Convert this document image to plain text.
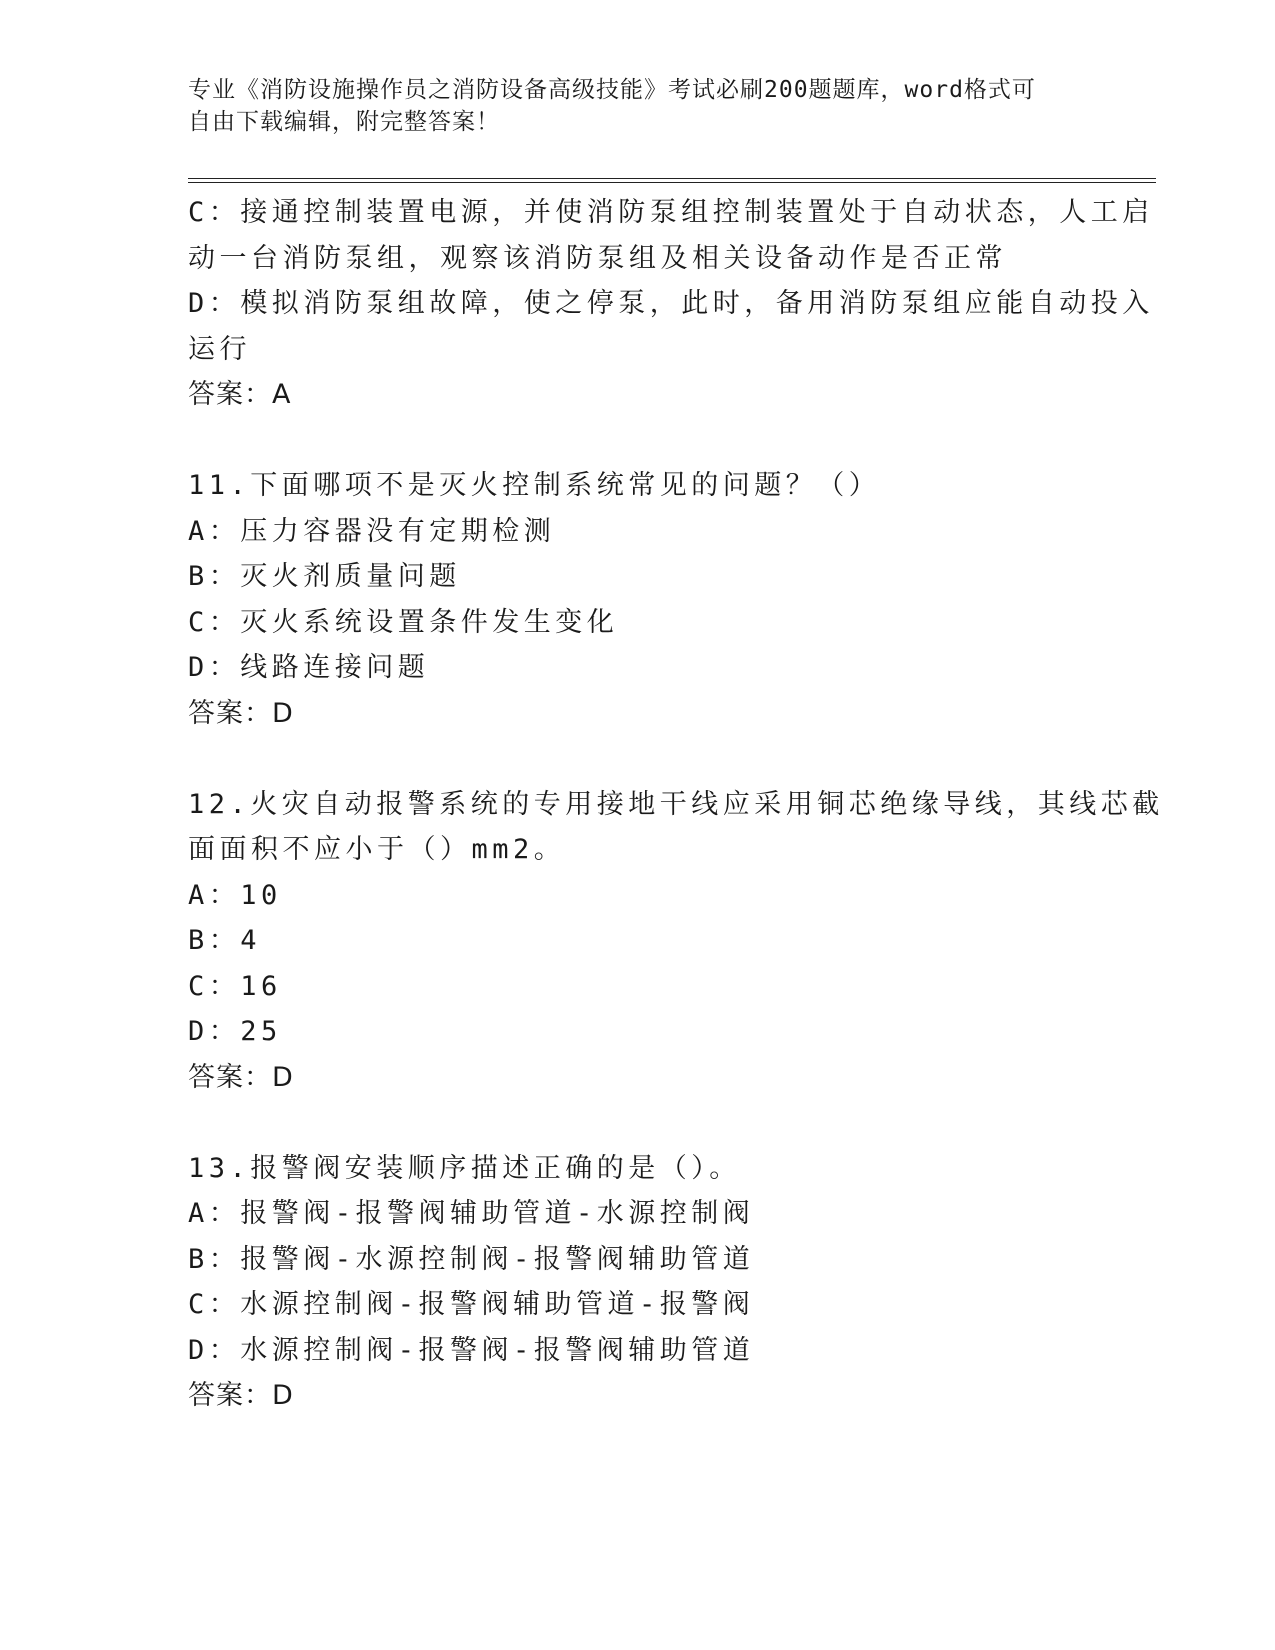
专业《消防设施操作员之消防设备高级技能》考试必刷200题题库，word格式可
自由下载编辑，附完整答案！
C：接通控制装置电源，并使消防泵组控制装置处于自动状态，人工启
动一台消防泵组，观察该消防泵组及相关设备动作是否正常
D：模拟消防泵组故障，使之停泵，此时，备用消防泵组应能自动投入
运行
答案：A
11.下面哪项不是灭火控制系统常见的问题？（）
A：压力容器没有定期检测
B：灭火剂质量问题
C：灭火系统设置条件发生变化
D：线路连接问题
答案：D
12.火灾自动报警系统的专用接地干线应采用铜芯绝缘导线，其线芯截
面面积不应小于（）mm2。
A：10
B：4
C：16
D：25
答案：D
13.报警阀安装顺序描述正确的是（）。
A：报警阀-报警阀辅助管道-水源控制阀
B：报警阀-水源控制阀-报警阀辅助管道
C：水源控制阀-报警阀辅助管道-报警阀
D：水源控制阀-报警阀-报警阀辅助管道
答案：D
